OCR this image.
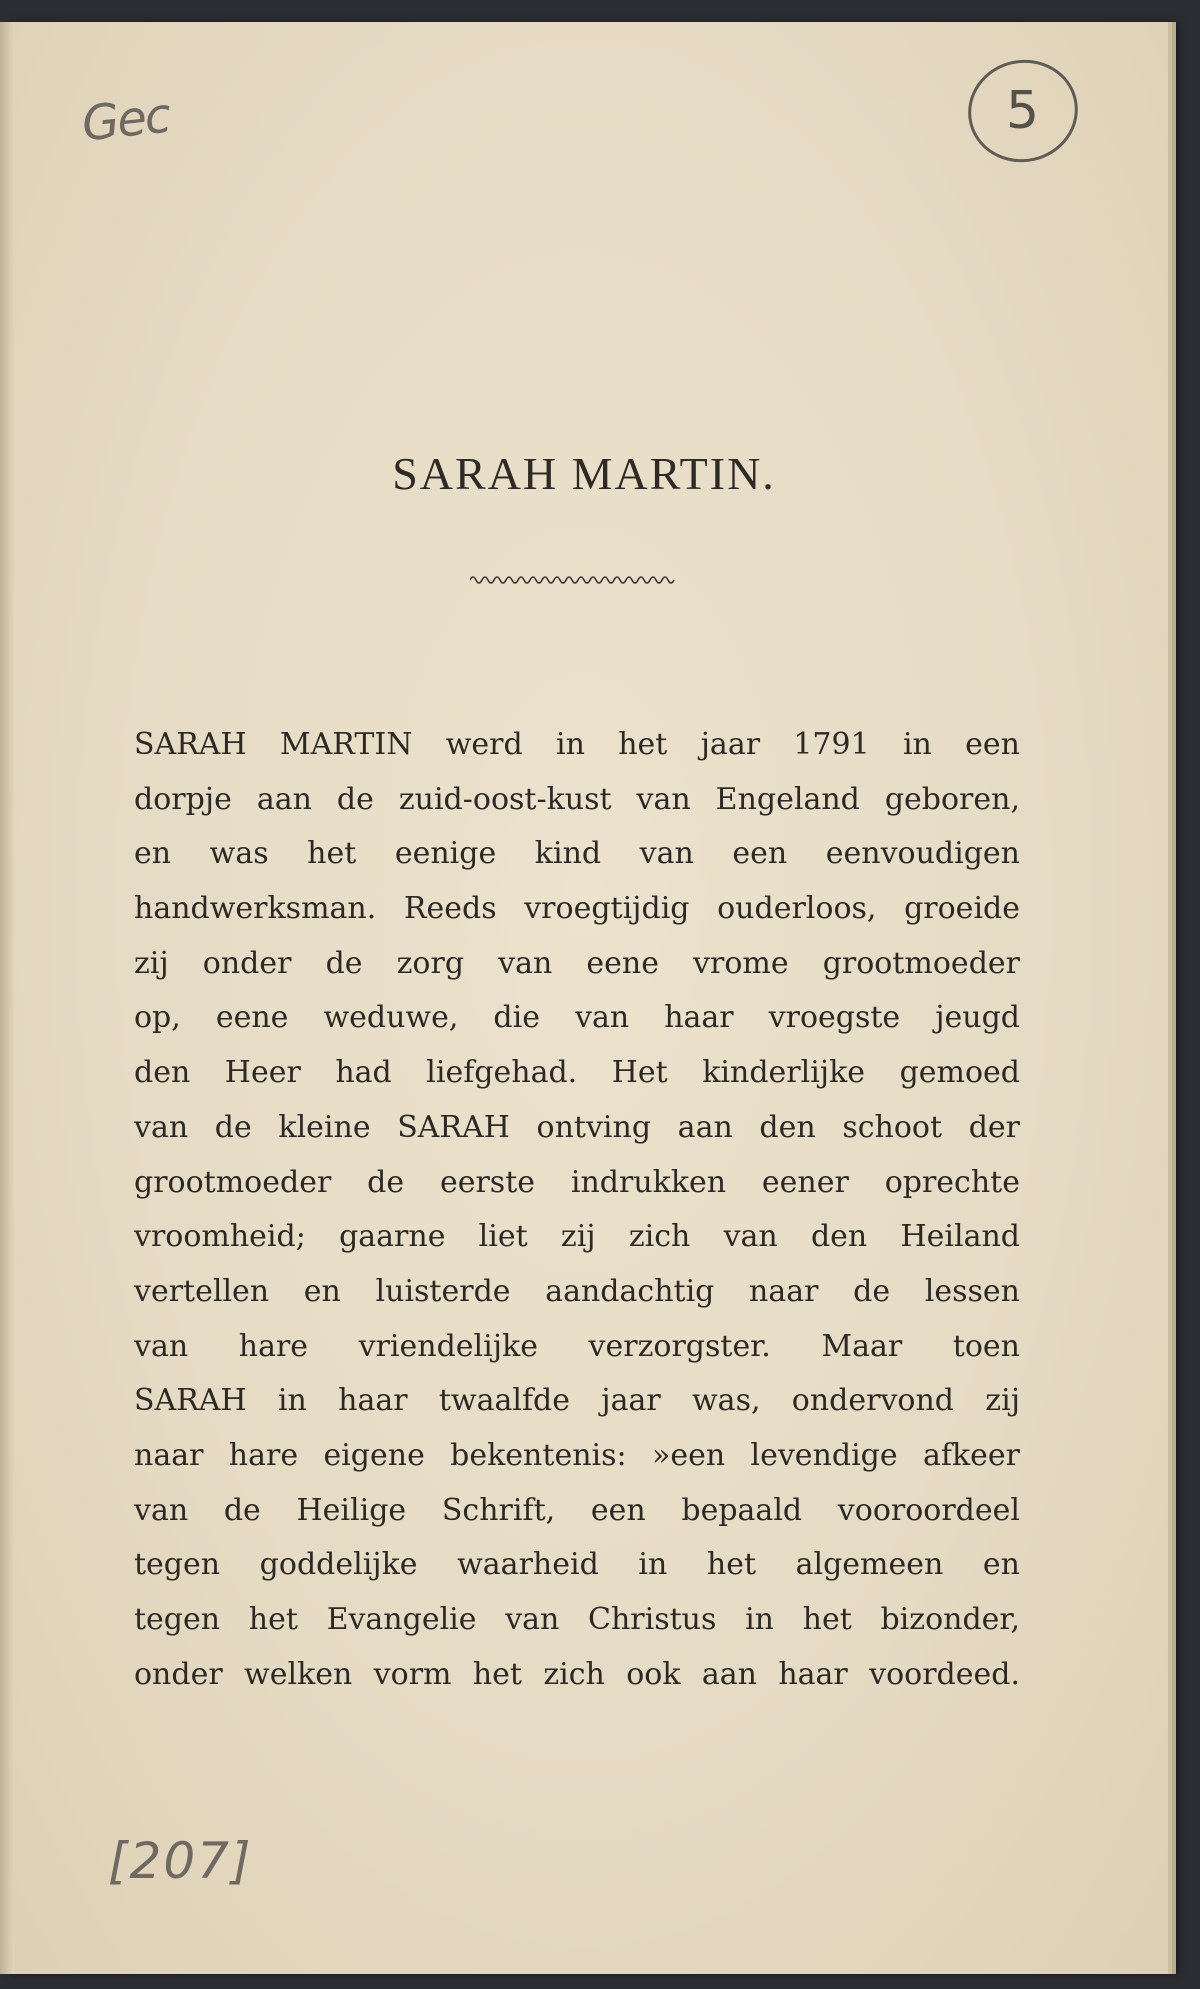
Gec	5
SARAH MARTIN.
SARAH MARTIN werd in het jaar 1791 in een
dorpje aan de zuid-oost-kust van Engeland geboren,
en was het eenige kind van een eenvoudigen
handwerksman. Reeds vroegtijdig ouderloos, groeide
zij onder de zorg van eene vrome grootmoeder
op, eene weduwe, die van haar vroegste jeugd
den Heer had liefgehad. Het kinderlijke gemoed
van de kleine SARAH ontving aan den schoot der
grootmoeder de eerste indrukken eener oprechte
vroomheid; gaarne liet zij zich van den Heiland
vertellen en luisterde aandachtig naar de lessen
van hare vriendelijke verzorgster. Maar toen
SARAH in haar twaalfde jaar was, ondervond zij
naar hare eigene bekentenis: »een levendige afkeer
van de Heilige Schrift, een bepaald vooroordeel
tegen goddelijke waarheid in het algemeen en
tegen het Evangelie van Christus in het bizonder,
onder welken vorm het zich ook aan haar voordeed.
[207]
